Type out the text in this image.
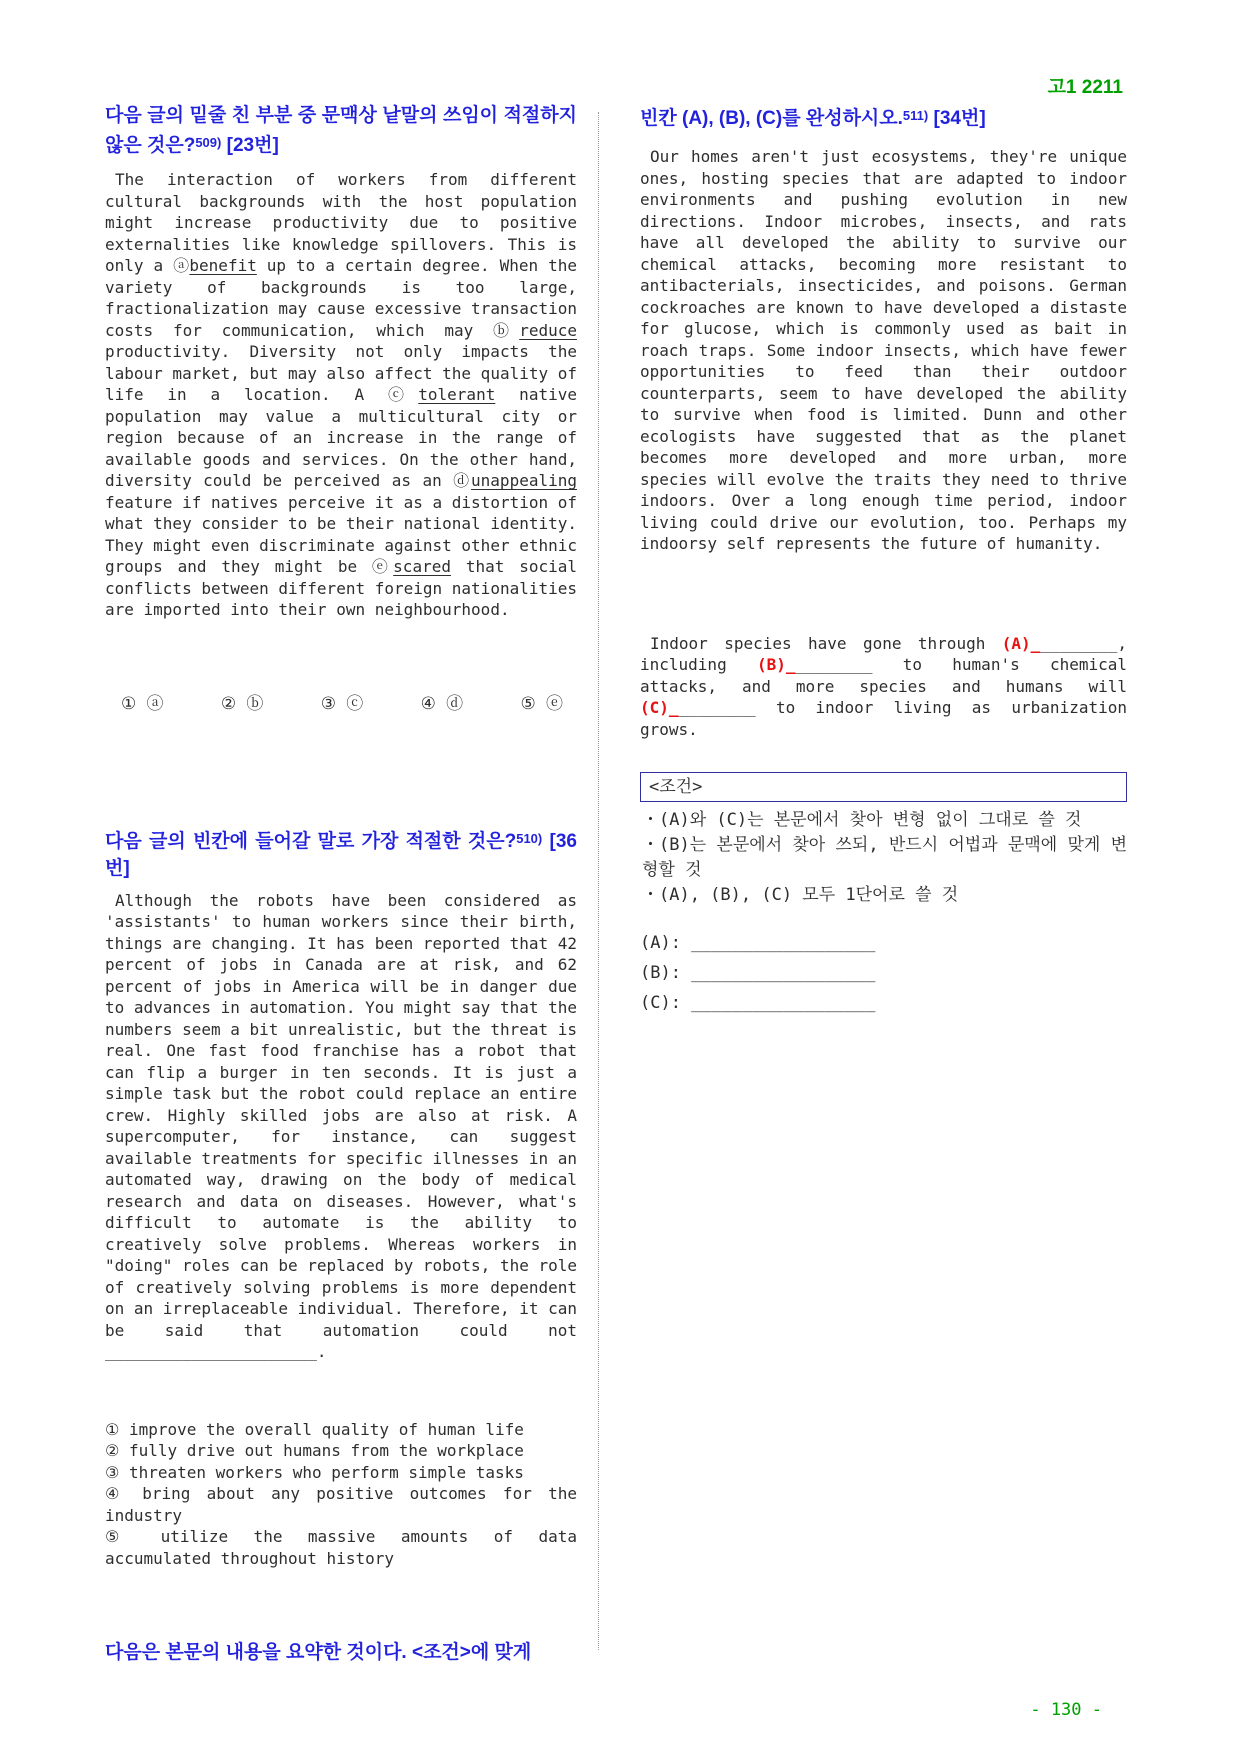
다음 글의 밑줄 친 부분 중 문맥상 낱말의 쓰임이 적절하지 않은 것은?$^{509)}$ [23번]

The interaction of workers from different cultural backgrounds with the host population might increase productivity due to positive externalities like knowledge spillovers. This is only a ⓐbenefit up to a certain degree. When the variety of backgrounds is too large, fractionalization may cause excessive transaction costs for communication, which may ⓑreduce productivity. Diversity not only impacts the labour market, but may also affect the quality of life in a location. A ⓒtolerant native population may value a multicultural city or region because of an increase in the range of available goods and services. On the other hand, diversity could be perceived as an ⓓunappealing feature if natives perceive it as a distortion of what they consider to be their national identity. They might even discriminate against other ethnic groups and they might be ⓔscared that social conflicts between different foreign nationalities are imported into their own neighbourhood.

① ⓐ	② ⓑ	③ ⓒ	④ ⓓ	⑤ ⓔ
다음 글의 빈칸에 들어갈 말로 가장 적절한 것은?$^{510)}$ [36번]

Although the robots have been considered as 'assistants' to human workers since their birth, things are changing. It has been reported that 42 percent of jobs in Canada are at risk, and 62 percent of jobs in America will be in danger due to advances in automation. You might say that the numbers seem a bit unrealistic, but the threat is real. One fast food franchise has a robot that can flip a burger in ten seconds. It is just a simple task but the robot could replace an entire crew. Highly skilled jobs are also at risk. A supercomputer, for instance, can suggest available treatments for specific illnesses in an automated way, drawing on the body of medical research and data on diseases. However, what's difficult to automate is the ability to creatively solve problems. Whereas workers in "doing" roles can be replaced by robots, the role of creatively solving problems is more dependent on an irreplaceable individual. Therefore, it can be said that automation could not ______________________.

① improve the overall quality of human life
② fully drive out humans from the workplace
③ threaten workers who perform simple tasks
④ bring about any positive outcomes for the industry
⑤ utilize the massive amounts of data accumulated throughout history
다음은 본문의 내용을 요약한 것이다. <조건>에 맞게
고1 2211
빈칸 (A), (B), (C)를 완성하시오.$^{511)}$ [34번]

Our homes aren't just ecosystems, they're unique ones, hosting species that are adapted to indoor environments and pushing evolution in new directions. Indoor microbes, insects, and rats have all developed the ability to survive our chemical attacks, becoming more resistant to antibacterials, insecticides, and poisons. German cockroaches are known to have developed a distaste for glucose, which is commonly used as bait in roach traps. Some indoor insects, which have fewer opportunities to feed than their outdoor counterparts, seem to have developed the ability to survive when food is limited. Dunn and other ecologists have suggested that as the planet becomes more developed and more urban, more species will evolve the traits they need to thrive indoors. Over a long enough time period, indoor living could drive our evolution, too. Perhaps my indoorsy self represents the future of humanity.

Indoor species have gone through (A)_________, including (B)_________ to human's chemical attacks, and more species and humans will (C)_________ to indoor living as urbanization grows.

<조건>
・(A)와 (C)는 본문에서 찾아 변형 없이 그대로 쓸 것
・(B)는 본문에서 찾아 쓰되, 반드시 어법과 문맥에 맞게 변형할 것
・(A), (B), (C) 모두 1단어로 쓸 것
(A): __________________
(B): __________________
(C): __________________
- 130 -
